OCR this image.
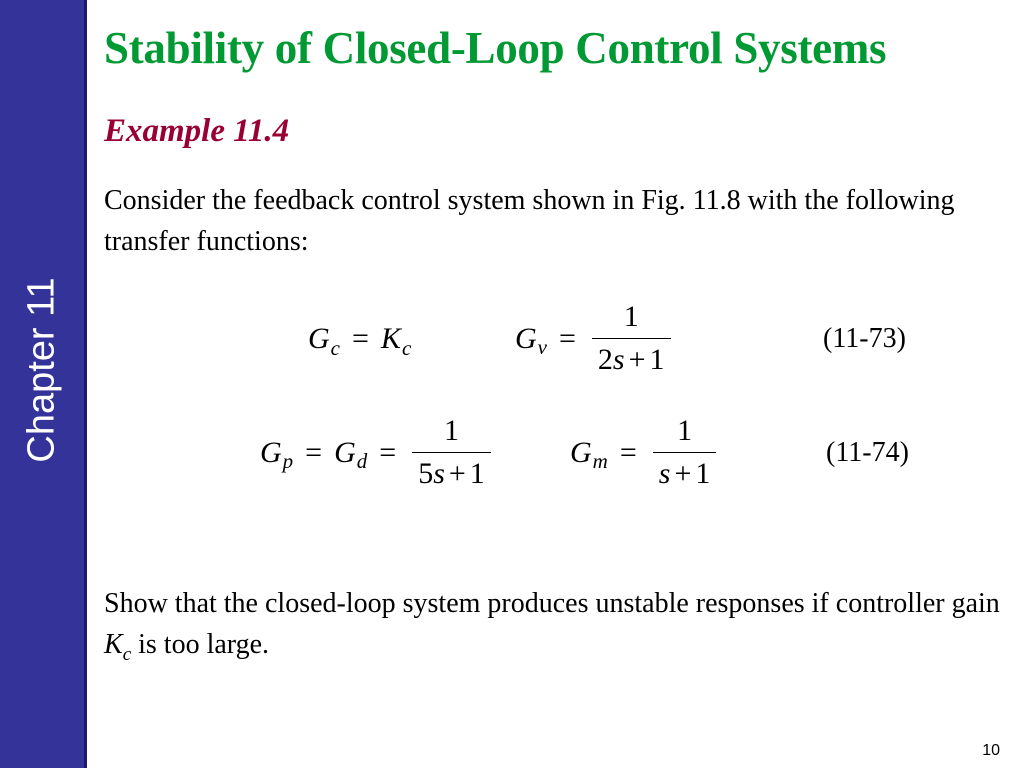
Chapter 11
Stability of Closed-Loop Control Systems
Example 11.4
Consider the feedback control system shown in Fig. 11.8 with the following transfer functions:
G c = K c	G $v = \frac{1}{2s + 1}$	(11-73)
G p = G $d = \frac{1}{5s + 1}$	G $m = \frac{1}{s + 1}$	(11-74)
Show that the closed-loop system produces unstable responses if controller gain $K_c$ is too large.
10
